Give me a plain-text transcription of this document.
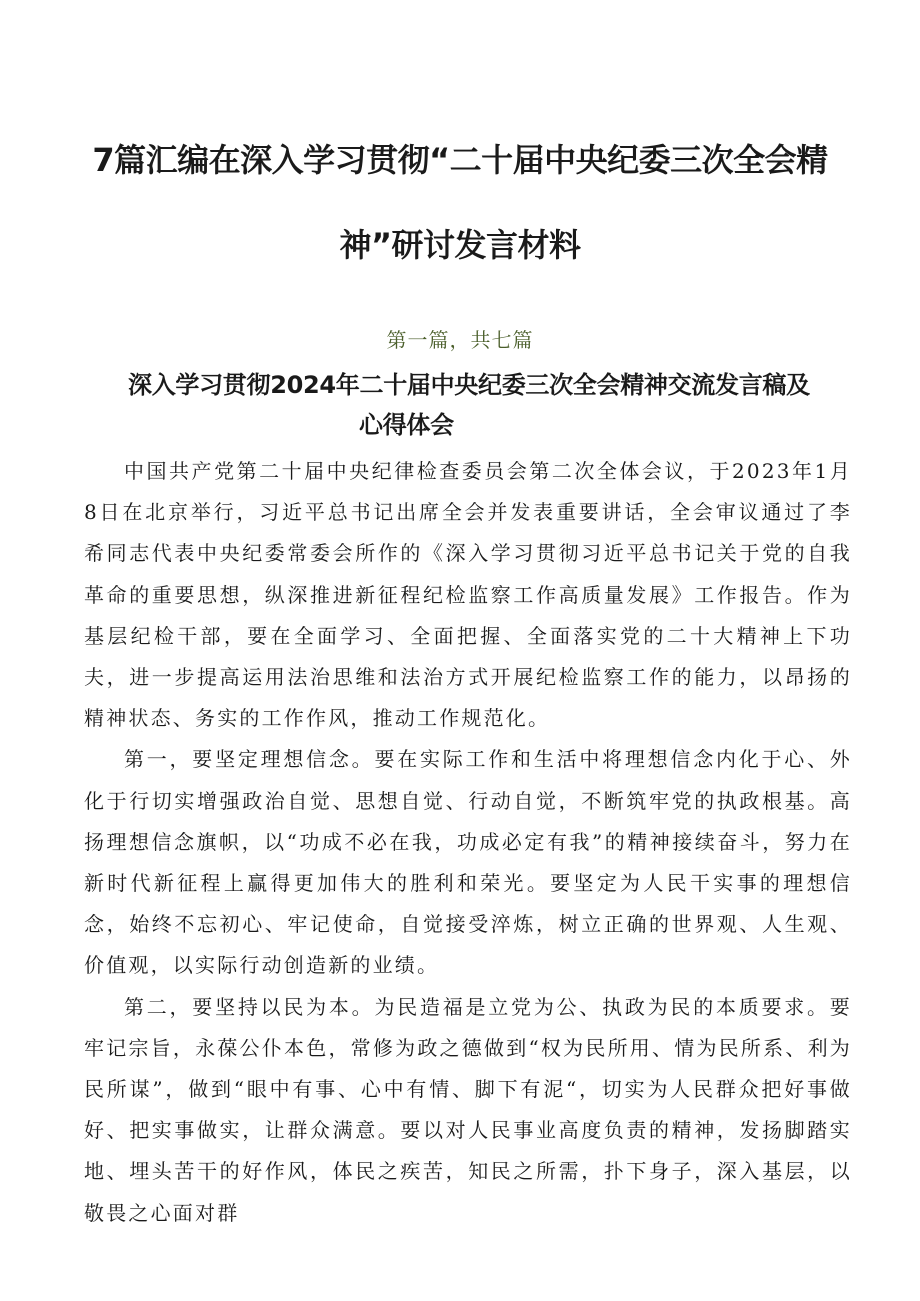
7篇汇编在深入学习贯彻“二十届中央纪委三次全会精
神”研讨发言材料
第一篇，共七篇
深入学习贯彻2024年二十届中央纪委三次全会精神交流发言稿及
心得体会

中国共产党第二十届中央纪律检查委员会第二次全体会议，于2023年1月8日在北京举行，习近平总书记出席全会并发表重要讲话，全会审议通过了李希同志代表中央纪委常委会所作的《深入学习贯彻习近平总书记关于党的自我革命的重要思想，纵深推进新征程纪检监察工作高质量发展》工作报告。作为基层纪检干部，要在全面学习、全面把握、全面落实党的二十大精神上下功夫，进一步提高运用法治思维和法治方式开展纪检监察工作的能力，以昂扬的精神状态、务实的工作作风，推动工作规范化。

第一，要坚定理想信念。要在实际工作和生活中将理想信念内化于心、外化于行切实增强政治自觉、思想自觉、行动自觉，不断筑牢党的执政根基。高扬理想信念旗帜，以“功成不必在我，功成必定有我”的精神接续奋斗，努力在新时代新征程上赢得更加伟大的胜利和荣光。要坚定为人民干实事的理想信念，始终不忘初心、牢记使命，自觉接受淬炼，树立正确的世界观、人生观、价值观，以实际行动创造新的业绩。

第二，要坚持以民为本。为民造福是立党为公、执政为民的本质要求。要牢记宗旨，永葆公仆本色，常修为政之德做到“权为民所用、情为民所系、利为民所谋”，做到“眼中有事、心中有情、脚下有泥“，切实为人民群众把好事做好、把实事做实，让群众满意。要以对人民事业高度负责的精神，发扬脚踏实地、埋头苦干的好作风，体民之疾苦，知民之所需，扑下身子，深入基层，以敬畏之心面对群
